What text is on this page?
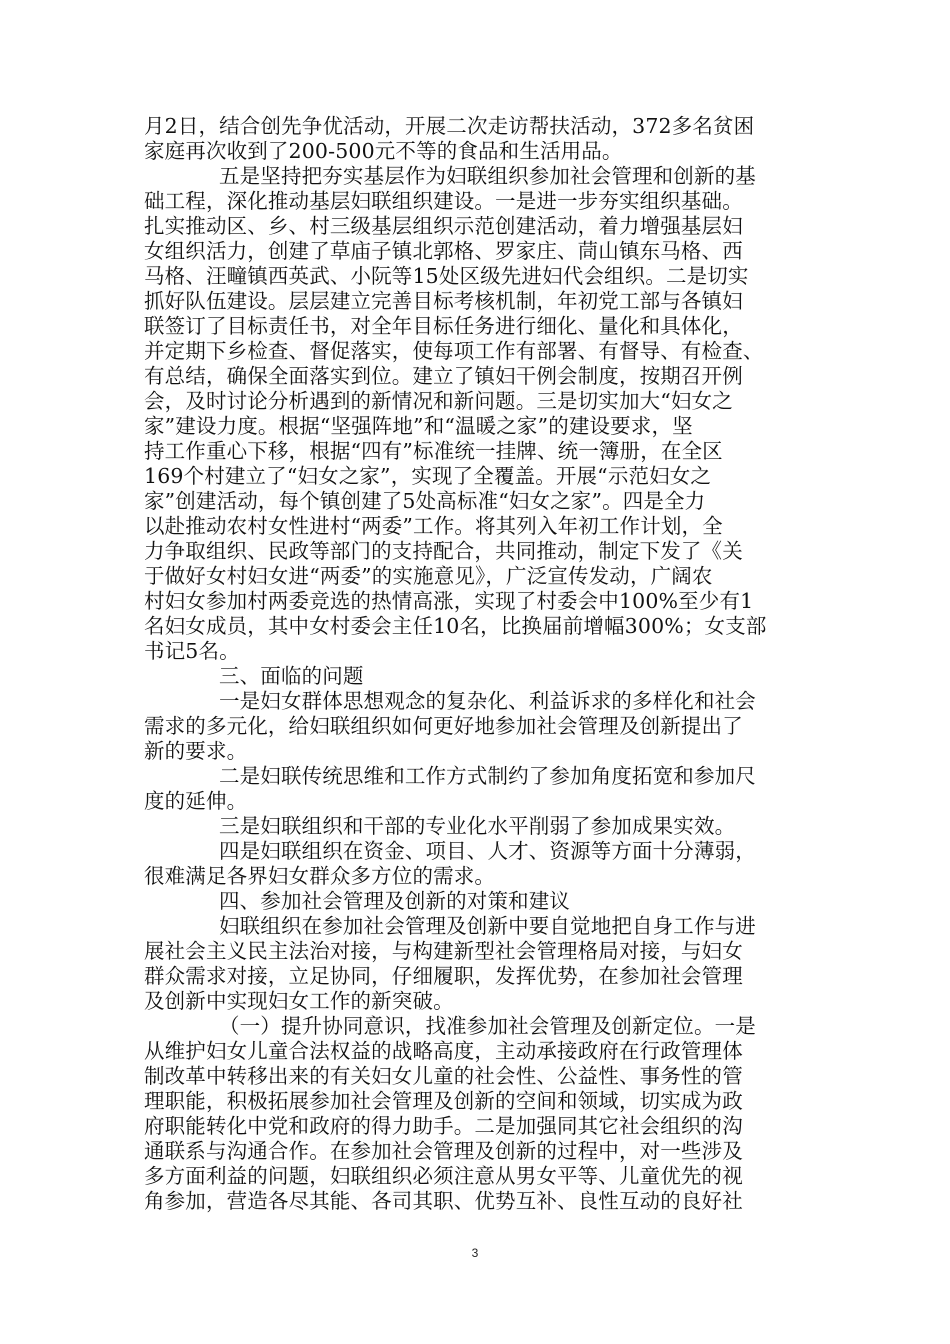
月2日，结合创先争优活动，开展二次走访帮扶活动，372多名贫困
家庭再次收到了200-500元不等的食品和生活用品。
五是坚持把夯实基层作为妇联组织参加社会管理和创新的基
础工程，深化推动基层妇联组织建设。一是进一步夯实组织基础。
扎实推动区、乡、村三级基层组织示范创建活动，着力增强基层妇
女组织活力，创建了草庙子镇北郭格、罗家庄、茼山镇东马格、西
马格、汪疃镇西英武、小阮等15处区级先进妇代会组织。二是切实
抓好队伍建设。层层建立完善目标考核机制，年初党工部与各镇妇
联签订了目标责任书，对全年目标任务进行细化、量化和具体化，
并定期下乡检查、督促落实，使每项工作有部署、有督导、有检查、
有总结，确保全面落实到位。建立了镇妇干例会制度，按期召开例
会，及时讨论分析遇到的新情况和新问题。三是切实加大“妇女之
家”建设力度。根据“坚强阵地”和“温暖之家”的建设要求，坚
持工作重心下移，根据“四有”标准统一挂牌、统一簿册，在全区
169个村建立了“妇女之家”，实现了全覆盖。开展“示范妇女之
家”创建活动，每个镇创建了5处高标准“妇女之家”。四是全力
以赴推动农村女性进村“两委”工作。将其列入年初工作计划，全
力争取组织、民政等部门的支持配合，共同推动，制定下发了《关
于做好女村妇女进“两委”的实施意见》，广泛宣传发动，广阔农
村妇女参加村两委竞选的热情高涨，实现了村委会中100%至少有1
名妇女成员，其中女村委会主任10名，比换届前增幅300%；女支部
书记5名。
三、面临的问题
一是妇女群体思想观念的复杂化、利益诉求的多样化和社会
需求的多元化，给妇联组织如何更好地参加社会管理及创新提出了
新的要求。
二是妇联传统思维和工作方式制约了参加角度拓宽和参加尺
度的延伸。
三是妇联组织和干部的专业化水平削弱了参加成果实效。
四是妇联组织在资金、项目、人才、资源等方面十分薄弱，
很难满足各界妇女群众多方位的需求。
四、参加社会管理及创新的对策和建议
妇联组织在参加社会管理及创新中要自觉地把自身工作与进
展社会主义民主法治对接，与构建新型社会管理格局对接，与妇女
群众需求对接，立足协同，仔细履职，发挥优势，在参加社会管理
及创新中实现妇女工作的新突破。
（一）提升协同意识，找准参加社会管理及创新定位。一是
从维护妇女儿童合法权益的战略高度，主动承接政府在行政管理体
制改革中转移出来的有关妇女儿童的社会性、公益性、事务性的管
理职能，积极拓展参加社会管理及创新的空间和领域，切实成为政
府职能转化中党和政府的得力助手。二是加强同其它社会组织的沟
通联系与沟通合作。在参加社会管理及创新的过程中，对一些涉及
多方面利益的问题，妇联组织必须注意从男女平等、儿童优先的视
角参加，营造各尽其能、各司其职、优势互补、良性互动的良好社
3
